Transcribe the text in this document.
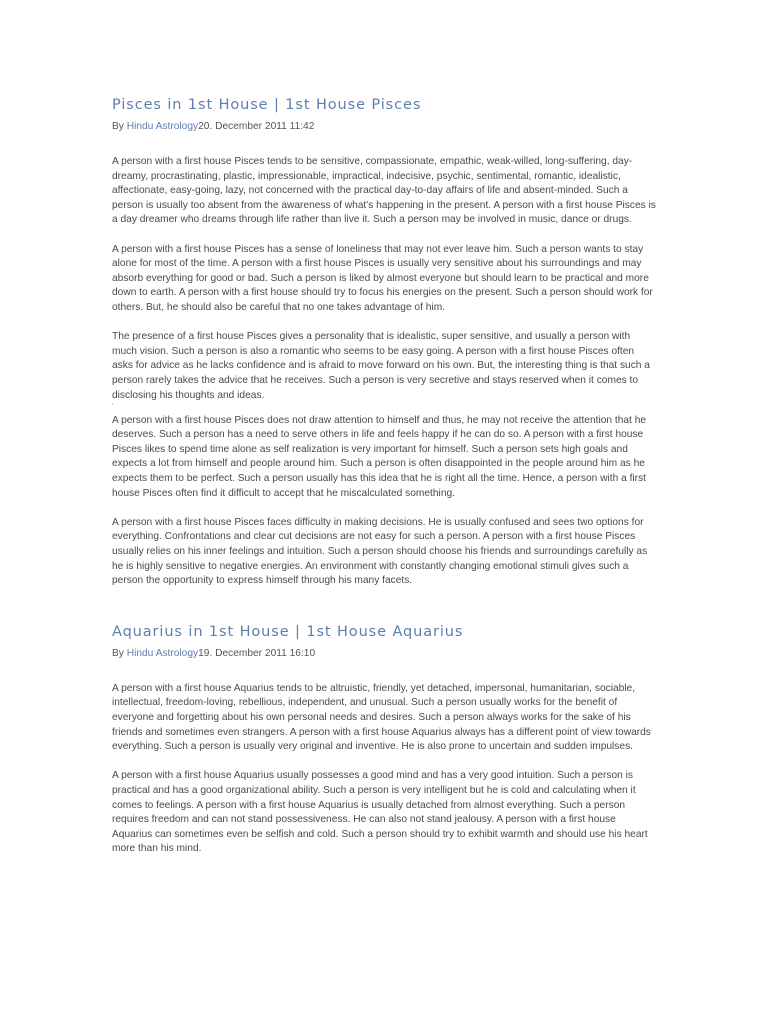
Pisces in 1st House | 1st House Pisces
By Hindu Astrology20. December 2011 11:42

A person with a first house Pisces tends to be sensitive, compassionate, empathic, weak-willed, long-suffering, day-dreamy, procrastinating, plastic, impressionable, impractical, indecisive, psychic, sentimental, romantic, idealistic, affectionate, easy-going, lazy, not concerned with the practical day-to-day affairs of life and absent-minded. Such a person is usually too absent from the awareness of what's happening in the present. A person with a first house Pisces is a day dreamer who dreams through life rather than live it. Such a person may be involved in music, dance or drugs.

A person with a first house Pisces has a sense of loneliness that may not ever leave him. Such a person wants to stay alone for most of the time. A person with a first house Pisces is usually very sensitive about his surroundings and may absorb everything for good or bad. Such a person is liked by almost everyone but should learn to be practical and more down to earth. A person with a first house should try to focus his energies on the present. Such a person should work for others. But, he should also be careful that no one takes advantage of him.

The presence of a first house Pisces gives a personality that is idealistic, super sensitive, and usually a person with much vision. Such a person is also a romantic who seems to be easy going. A person with a first house Pisces often asks for advice as he lacks confidence and is afraid to move forward on his own. But, the interesting thing is that such a person rarely takes the advice that he receives. Such a person is very secretive and stays reserved when it comes to disclosing his thoughts and ideas.

‘

A person with a first house Pisces does not draw attention to himself and thus, he may not receive the attention that he deserves. Such a person has a need to serve others in life and feels happy if he can do so. A person with a first house Pisces likes to spend time alone as self realization is very important for himself. Such a person sets high goals and expects a lot from himself and people around him. Such a person is often disappointed in the people around him as he expects them to be perfect. Such a person usually has this idea that he is right all the time. Hence, a person with a first house Pisces often find it difficult to accept that he miscalculated something.

A person with a first house Pisces faces difficulty in making decisions. He is usually confused and sees two options for everything. Confrontations and clear cut decisions are not easy for such a person. A person with a first house Pisces usually relies on his inner feelings and intuition. Such a person should choose his friends and surroundings carefully as he is highly sensitive to negative energies. An environment with constantly changing emotional stimuli gives such a person the opportunity to express himself through his many facets.

Aquarius in 1st House | 1st House Aquarius
By Hindu Astrology19. December 2011 16:10

A person with a first house Aquarius tends to be altruistic, friendly, yet detached, impersonal, humanitarian, sociable, intellectual, freedom-loving, rebellious, independent, and unusual. Such a person usually works for the benefit of everyone and forgetting about his own personal needs and desires. Such a person always works for the sake of his friends and sometimes even strangers. A person with a first house Aquarius always has a different point of view towards everything. Such a person is usually very original and inventive. He is also prone to uncertain and sudden impulses.

A person with a first house Aquarius usually possesses a good mind and has a very good intuition. Such a person is practical and has a good organizational ability. Such a person is very intelligent but he is cold and calculating when it comes to feelings. A person with a first house Aquarius is usually detached from almost everything. Such a person requires freedom and can not stand possessiveness. He can also not stand jealousy. A person with a first house Aquarius can sometimes even be selfish and cold. Such a person should try to exhibit warmth and should use his heart more than his mind.
